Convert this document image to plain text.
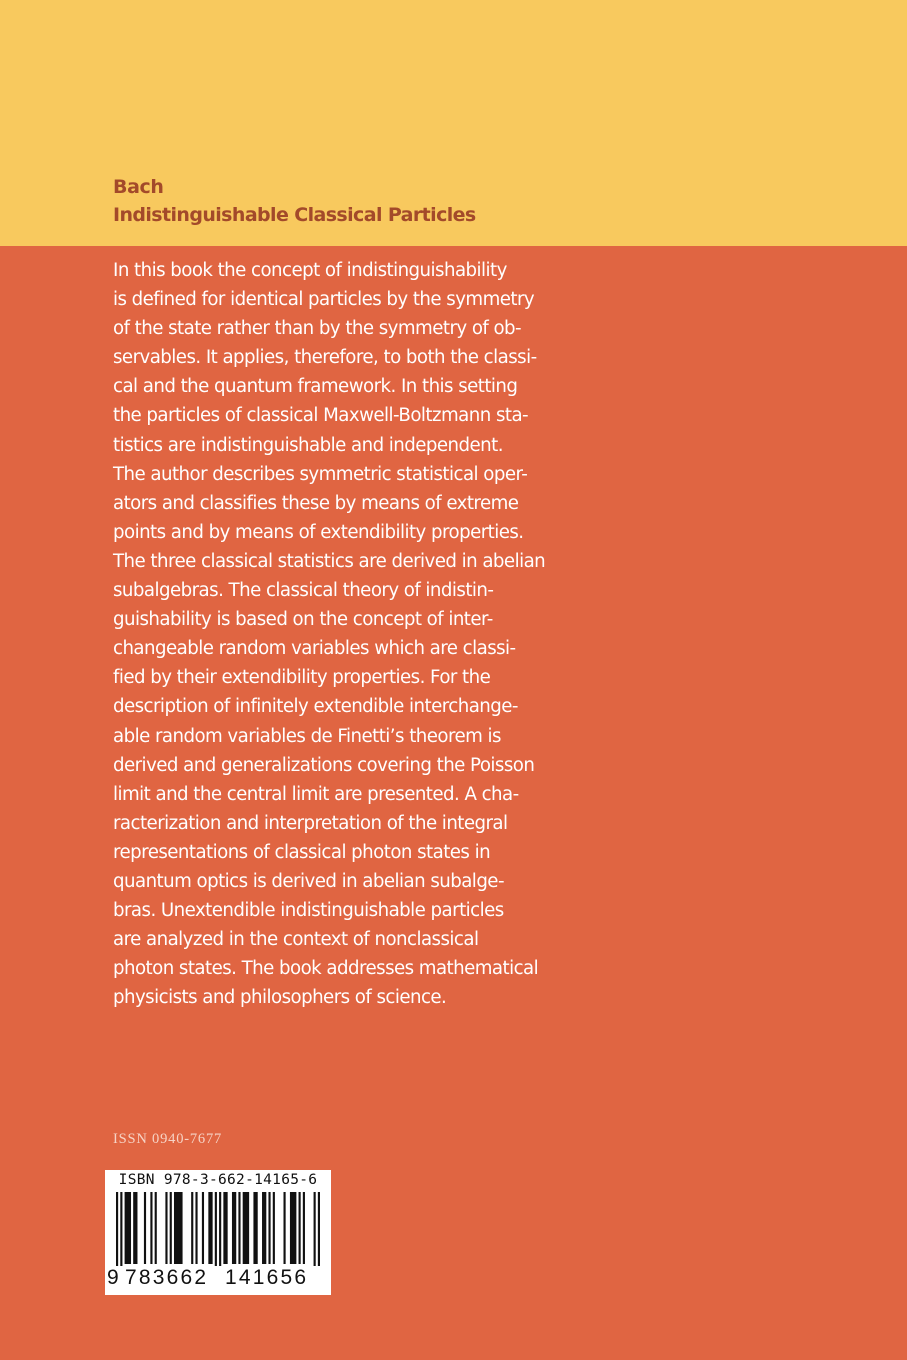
Bach
Indistinguishable Classical Particles
In this book the concept of indistinguishability
is defined for identical particles by the symmetry
of the state rather than by the symmetry of ob-
servables. It applies, therefore, to both the classi-
cal and the quantum framework. In this setting
the particles of classical Maxwell-Boltzmann sta-
tistics are indistinguishable and independent.
The author describes symmetric statistical oper-
ators and classifies these by means of extreme
points and by means of extendibility properties.
The three classical statistics are derived in abelian
subalgebras. The classical theory of indistin-
guishability is based on the concept of inter-
changeable random variables which are classi-
fied by their extendibility properties. For the
description of infinitely extendible interchange-
able random variables de Finetti’s theorem is
derived and generalizations covering the Poisson
limit and the central limit are presented. A cha-
racterization and interpretation of the integral
representations of classical photon states in
quantum optics is derived in abelian subalge-
bras. Unextendible indistinguishable particles
are analyzed in the context of nonclassical
photon states. The book addresses mathematical
physicists and philosophers of science.
ISSN 0940-7677
ISBN 978-3-662-14165-6
9 783662 141656
